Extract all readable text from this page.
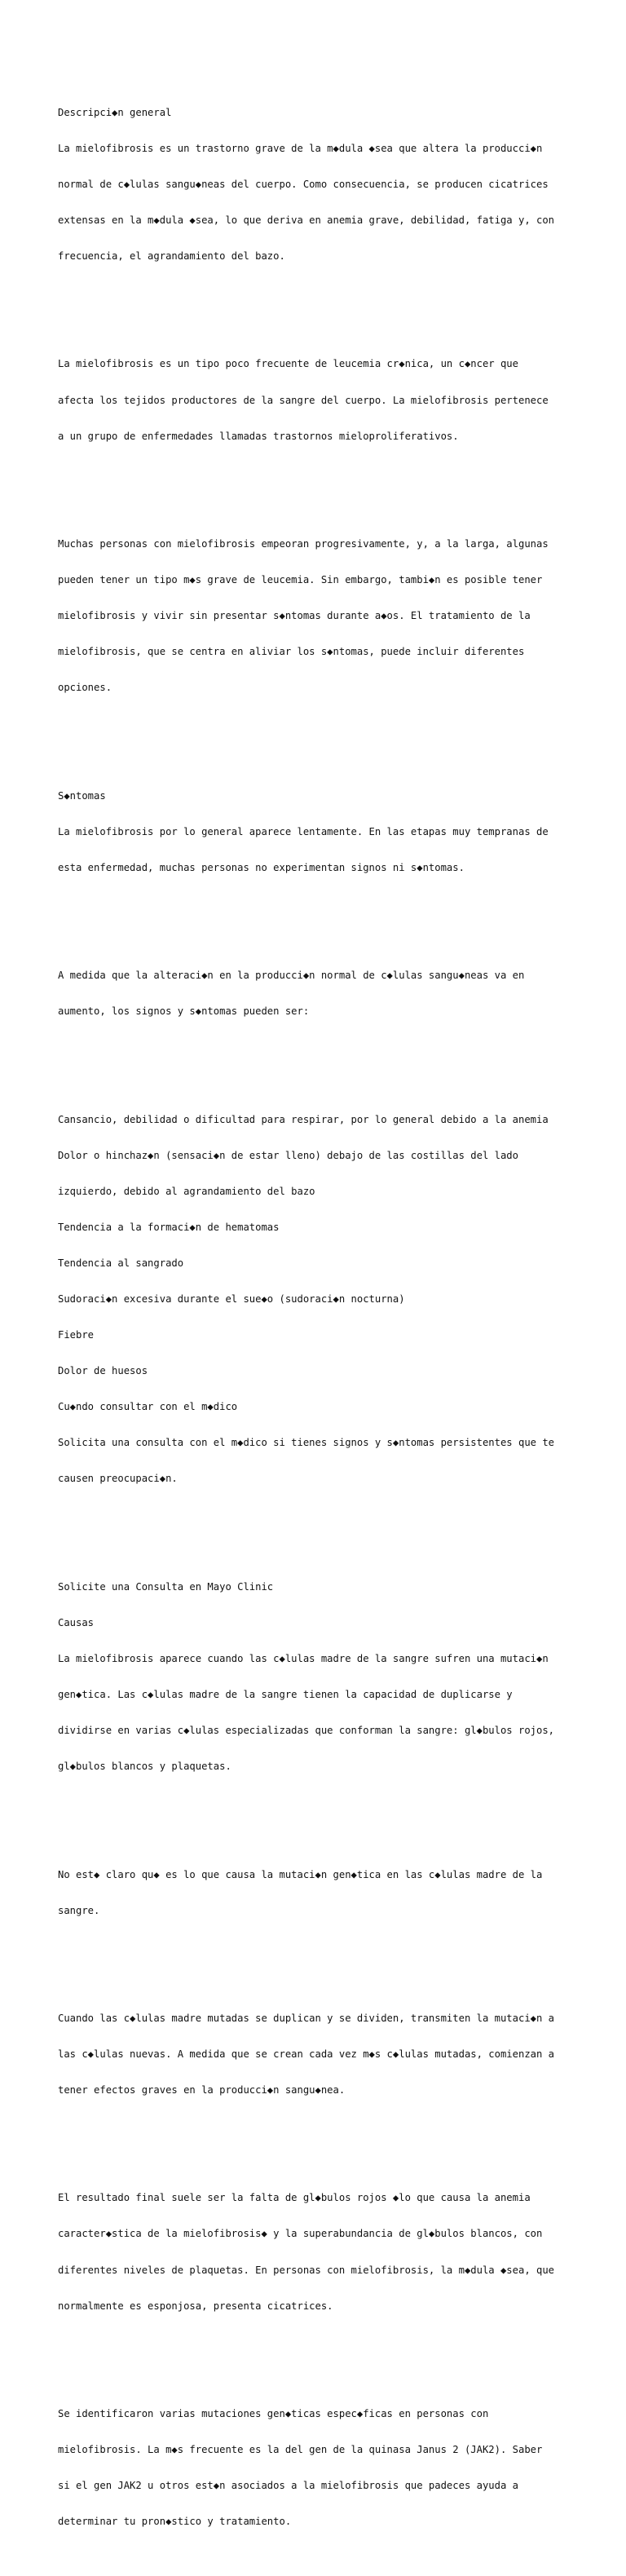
Descripci◆n general

La mielofibrosis es un trastorno grave de la m◆dula ◆sea que altera la producci◆n

normal de c◆lulas sangu◆neas del cuerpo. Como consecuencia, se producen cicatrices

extensas en la m◆dula ◆sea, lo que deriva en anemia grave, debilidad, fatiga y, con

frecuencia, el agrandamiento del bazo.

La mielofibrosis es un tipo poco frecuente de leucemia cr◆nica, un c◆ncer que

afecta los tejidos productores de la sangre del cuerpo. La mielofibrosis pertenece

a un grupo de enfermedades llamadas trastornos mieloproliferativos.

Muchas personas con mielofibrosis empeoran progresivamente, y, a la larga, algunas

pueden tener un tipo m◆s grave de leucemia. Sin embargo, tambi◆n es posible tener

mielofibrosis y vivir sin presentar s◆ntomas durante a◆os. El tratamiento de la

mielofibrosis, que se centra en aliviar los s◆ntomas, puede incluir diferentes

opciones.

S◆ntomas

La mielofibrosis por lo general aparece lentamente. En las etapas muy tempranas de

esta enfermedad, muchas personas no experimentan signos ni s◆ntomas.

A medida que la alteraci◆n en la producci◆n normal de c◆lulas sangu◆neas va en

aumento, los signos y s◆ntomas pueden ser:

Cansancio, debilidad o dificultad para respirar, por lo general debido a la anemia

Dolor o hinchaz◆n (sensaci◆n de estar lleno) debajo de las costillas del lado

izquierdo, debido al agrandamiento del bazo

Tendencia a la formaci◆n de hematomas

Tendencia al sangrado

Sudoraci◆n excesiva durante el sue◆o (sudoraci◆n nocturna)

Fiebre

Dolor de huesos

Cu◆ndo consultar con el m◆dico

Solicita una consulta con el m◆dico si tienes signos y s◆ntomas persistentes que te

causen preocupaci◆n.

Solicite una Consulta en Mayo Clinic

Causas

La mielofibrosis aparece cuando las c◆lulas madre de la sangre sufren una mutaci◆n

gen◆tica. Las c◆lulas madre de la sangre tienen la capacidad de duplicarse y

dividirse en varias c◆lulas especializadas que conforman la sangre: gl◆bulos rojos,

gl◆bulos blancos y plaquetas.

No est◆ claro qu◆ es lo que causa la mutaci◆n gen◆tica en las c◆lulas madre de la

sangre.

Cuando las c◆lulas madre mutadas se duplican y se dividen, transmiten la mutaci◆n a

las c◆lulas nuevas. A medida que se crean cada vez m◆s c◆lulas mutadas, comienzan a

tener efectos graves en la producci◆n sangu◆nea.

El resultado final suele ser la falta de gl◆bulos rojos ◆lo que causa la anemia

caracter◆stica de la mielofibrosis◆ y la superabundancia de gl◆bulos blancos, con

diferentes niveles de plaquetas. En personas con mielofibrosis, la m◆dula ◆sea, que

normalmente es esponjosa, presenta cicatrices.

Se identificaron varias mutaciones gen◆ticas espec◆ficas en personas con

mielofibrosis. La m◆s frecuente es la del gen de la quinasa Janus 2 (JAK2). Saber

si el gen JAK2 u otros est◆n asociados a la mielofibrosis que padeces ayuda a

determinar tu pron◆stico y tratamiento.
